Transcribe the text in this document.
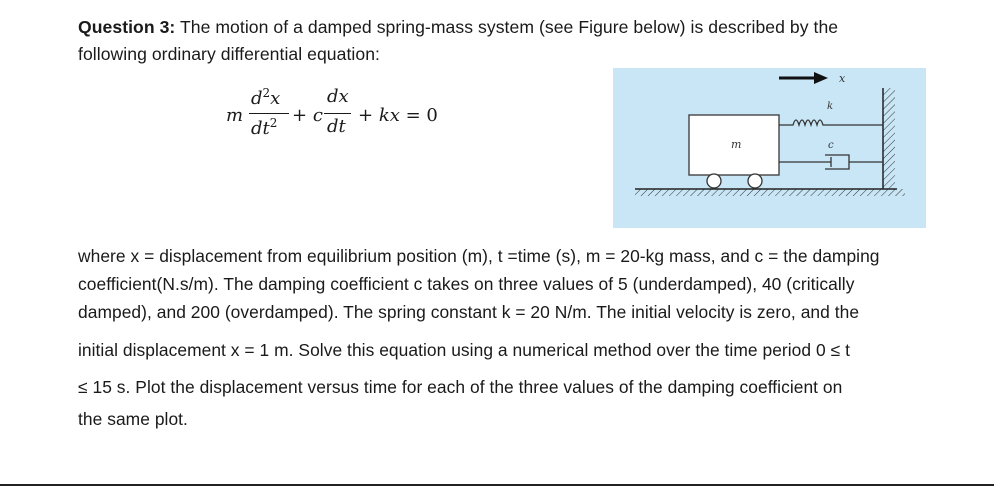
Question 3: The motion of a damped spring-mass system (see Figure below) is described by the
following ordinary differential equation:
m
$d^2x$
$dt^2 + c$
dx
dt
+ kx = 0
m
k
c
x
where x = displacement from equilibrium position (m), t =time (s), m = 20-kg mass, and c = the damping
coefficient(N.s/m). The damping coefficient c takes on three values of 5 (underdamped), 40 (critically
damped), and 200 (overdamped). The spring constant k = 20 N/m. The initial velocity is zero, and the
initial displacement x = 1 m. Solve this equation using a numerical method over the time period 0 ≤ t
≤ 15 s. Plot the displacement versus time for each of the three values of the damping coefficient on
the same plot.
